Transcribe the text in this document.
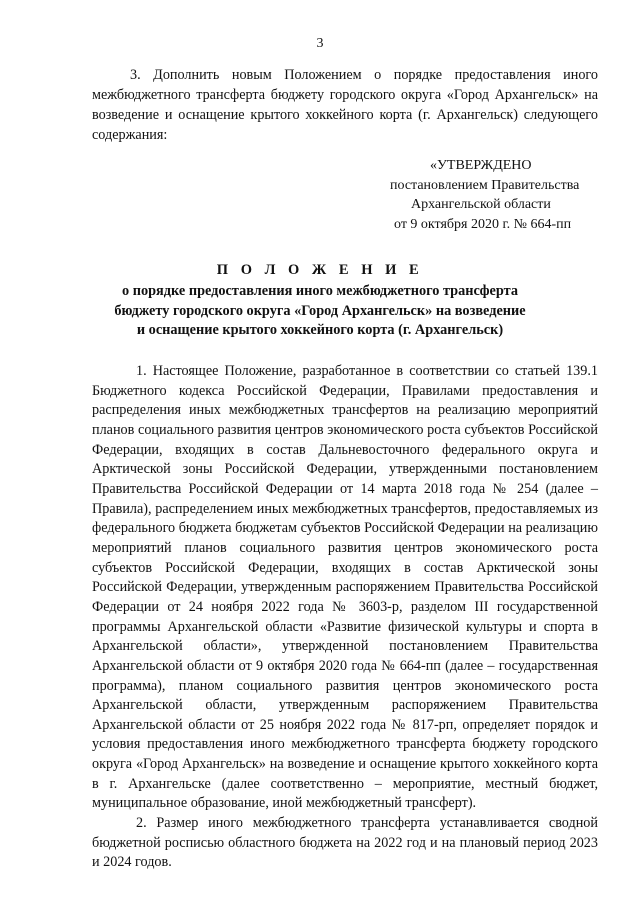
3

3. Дополнить новым Положением о порядке предоставления иного межбюджетного трансферта бюджету городского округа «Город Архангельск» на возведение и оснащение крытого хоккейного корта (г. Архангельск) следующего содержания:

«УТВЕРЖДЕНО
постановлением Правительства
Архангельской области
от 9 октября 2020 г. № 664-пп
П О Л О Ж Е Н И Е
о порядке предоставления иного межбюджетного трансферта
бюджету городского округа «Город Архангельск» на возведение
и оснащение крытого хоккейного корта (г. Архангельск)

1. Настоящее Положение, разработанное в соответствии со статьей 139.1 Бюджетного кодекса Российской Федерации, Правилами предоставления и распределения иных межбюджетных трансфертов на реализацию мероприятий планов социального развития центров экономического роста субъектов Российской Федерации, входящих в состав Дальневосточного федерального округа и Арктической зоны Российской Федерации, утвержденными постановлением Правительства Российской Федерации от 14 марта 2018 года № 254 (далее – Правила), распределением иных межбюджетных трансфертов, предоставляемых из федерального бюджета бюджетам субъектов Российской Федерации на реализацию мероприятий планов социального развития центров экономического роста субъектов Российской Федерации, входящих в состав Арктической зоны Российской Федерации, утвержденным распоряжением Правительства Российской Федерации от 24 ноября 2022 года № 3603-р, разделом III государственной программы Архангельской области «Развитие физической культуры и спорта в Архангельской области», утвержденной постановлением Правительства Архангельской области от 9 октября 2020 года № 664-пп (далее – государственная программа), планом социального развития центров экономического роста Архангельской области, утвержденным распоряжением Правительства Архангельской области от 25 ноября 2022 года № 817-рп, определяет порядок и условия предоставления иного межбюджетного трансферта бюджету городского округа «Город Архангельск» на возведение и оснащение крытого хоккейного корта в г. Архангельске (далее соответственно – мероприятие, местный бюджет, муниципальное образование, иной межбюджетный трансферт).

2. Размер иного межбюджетного трансферта устанавливается сводной бюджетной росписью областного бюджета на 2022 год и на плановый период 2023 и 2024 годов.
